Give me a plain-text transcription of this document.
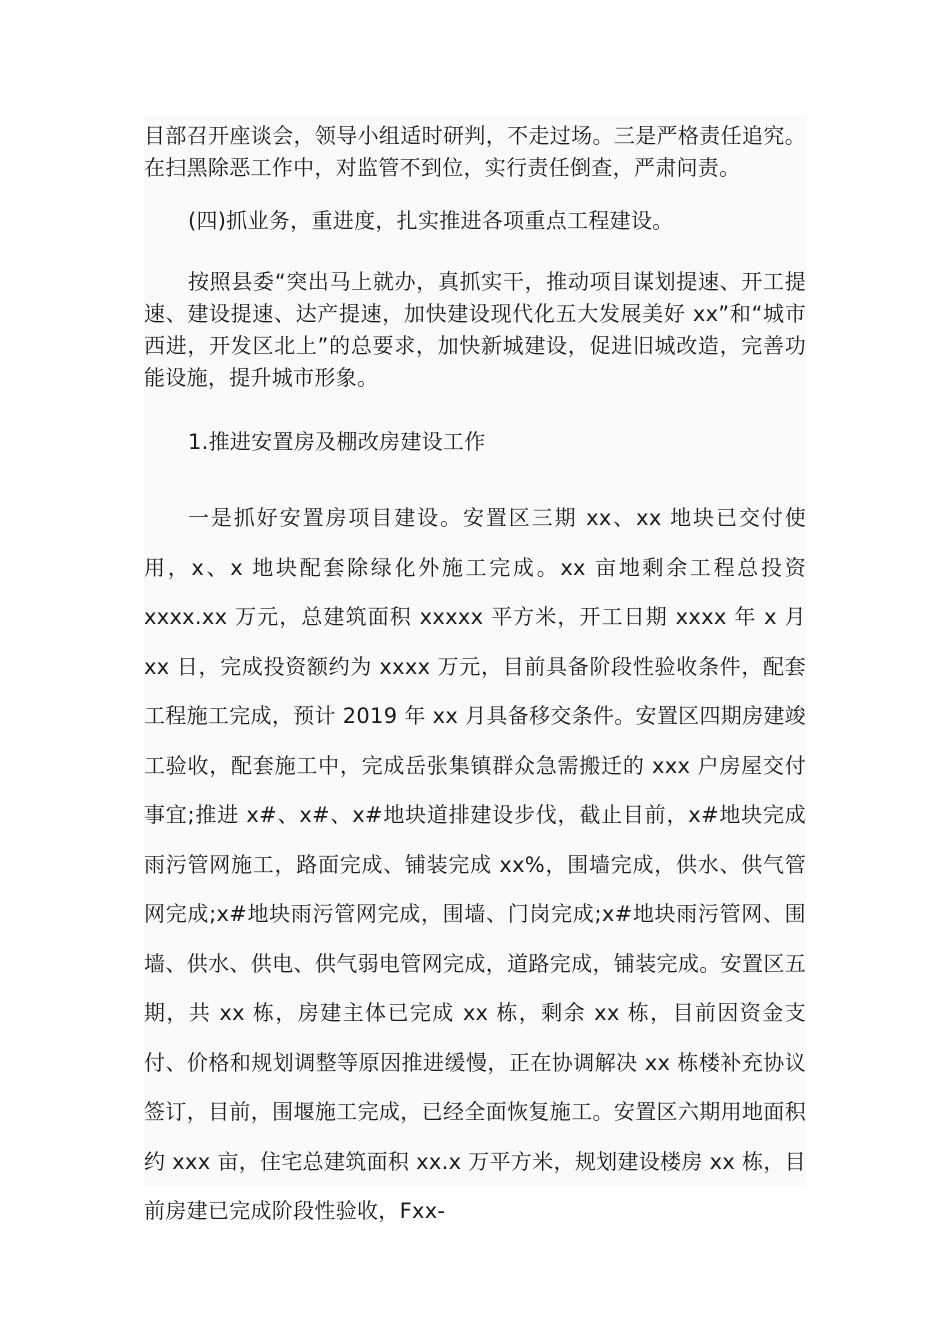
目部召开座谈会，领导小组适时研判，不走过场。三是严格责任追究。在扫黑除恶工作中，对监管不到位，实行责任倒查，严肃问责。

(四)抓业务，重进度，扎实推进各项重点工程建设。

按照县委“突出马上就办，真抓实干，推动项目谋划提速、开工提速、建设提速、达产提速，加快建设现代化五大发展美好 xx”和“城市西进，开发区北上”的总要求，加快新城建设，促进旧城改造，完善功能设施，提升城市形象。

1.推进安置房及棚改房建设工作

一是抓好安置房项目建设。安置区三期 xx、xx 地块已交付使用，x、x 地块配套除绿化外施工完成。xx 亩地剩余工程总投资 xxxx.xx 万元，总建筑面积 xxxxx 平方米，开工日期 xxxx 年 x 月 xx 日，完成投资额约为 xxxx 万元，目前具备阶段性验收条件，配套工程施工完成，预计 2019 年 xx 月具备移交条件。安置区四期房建竣工验收，配套施工中，完成岳张集镇群众急需搬迁的 xxx 户房屋交付事宜;推进 x#、x#、x#地块道排建设步伐，截止目前，x#地块完成雨污管网施工，路面完成、铺装完成 xx%，围墙完成，供水、供气管网完成;x#地块雨污管网完成，围墙、门岗完成;x#地块雨污管网、围墙、供水、供电、供气弱电管网完成，道路完成，铺装完成。安置区五期，共 xx 栋，房建主体已完成 xx 栋，剩余 xx 栋，目前因资金支付、价格和规划调整等原因推进缓慢，正在协调解决 xx 栋楼补充协议签订，目前，围堰施工完成，已经全面恢复施工。安置区六期用地面积约 xxx 亩，住宅总建筑面积 xx.x 万平方米，规划建设楼房 xx 栋，目前房建已完成阶段性验收，Fxx-
